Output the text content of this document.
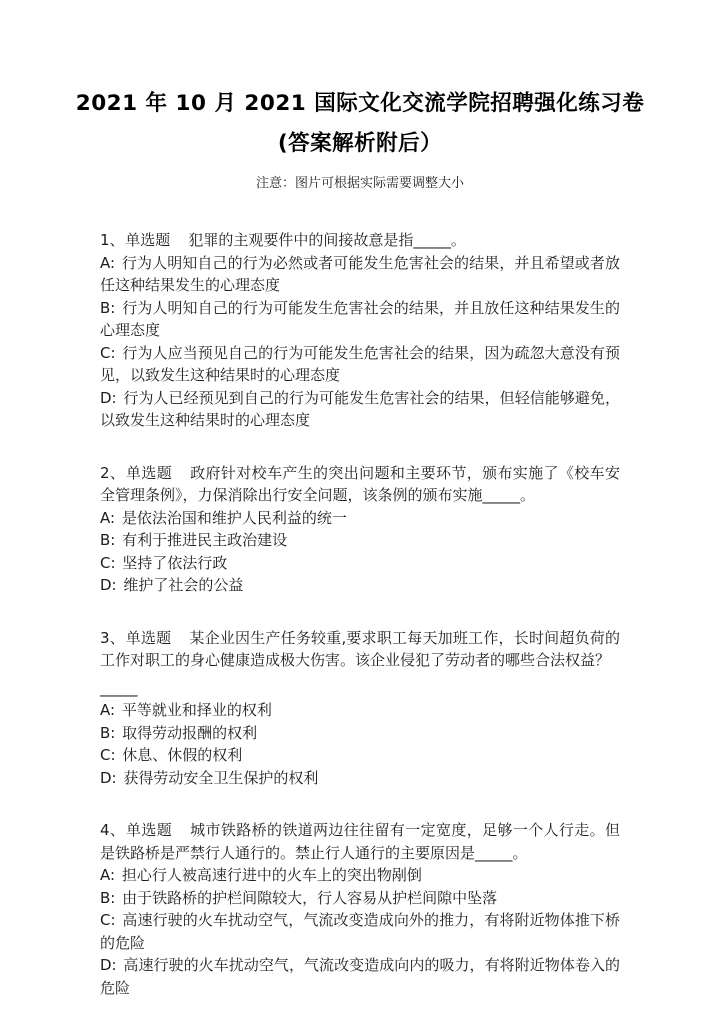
2021 年 10 月 2021 国际文化交流学院招聘强化练习卷(答案解析附后）

注意：图片可根据实际需要调整大小

1、单选题 犯罪的主观要件中的间接故意是指_____。

A: 行为人明知自己的行为必然或者可能发生危害社会的结果，并且希望或者放任这种结果发生的心理态度

B: 行为人明知自己的行为可能发生危害社会的结果，并且放任这种结果发生的心理态度

C: 行为人应当预见自己的行为可能发生危害社会的结果，因为疏忽大意没有预见，以致发生这种结果时的心理态度

D: 行为人已经预见到自己的行为可能发生危害社会的结果，但轻信能够避免，以致发生这种结果时的心理态度

2、单选题 政府针对校车产生的突出问题和主要环节，颁布实施了《校车安全管理条例》，力保消除出行安全问题，该条例的颁布实施_____。

A: 是依法治国和维护人民利益的统一

B: 有利于推进民主政治建设

C: 坚持了依法行政

D: 维护了社会的公益

3、单选题 某企业因生产任务较重,要求职工每天加班工作，长时间超负荷的工作对职工的身心健康造成极大伤害。该企业侵犯了劳动者的哪些合法权益？

_____

A: 平等就业和择业的权利

B: 取得劳动报酬的权利

C: 休息、休假的权利

D: 获得劳动安全卫生保护的权利

4、单选题 城市铁路桥的铁道两边往往留有一定宽度，足够一个人行走。但是铁路桥是严禁行人通行的。禁止行人通行的主要原因是_____。

A: 担心行人被高速行进中的火车上的突出物剐倒

B: 由于铁路桥的护栏间隙较大，行人容易从护栏间隙中坠落

C: 高速行驶的火车扰动空气，气流改变造成向外的推力，有将附近物体推下桥的危险

D: 高速行驶的火车扰动空气，气流改变造成向内的吸力，有将附近物体卷入的危险
